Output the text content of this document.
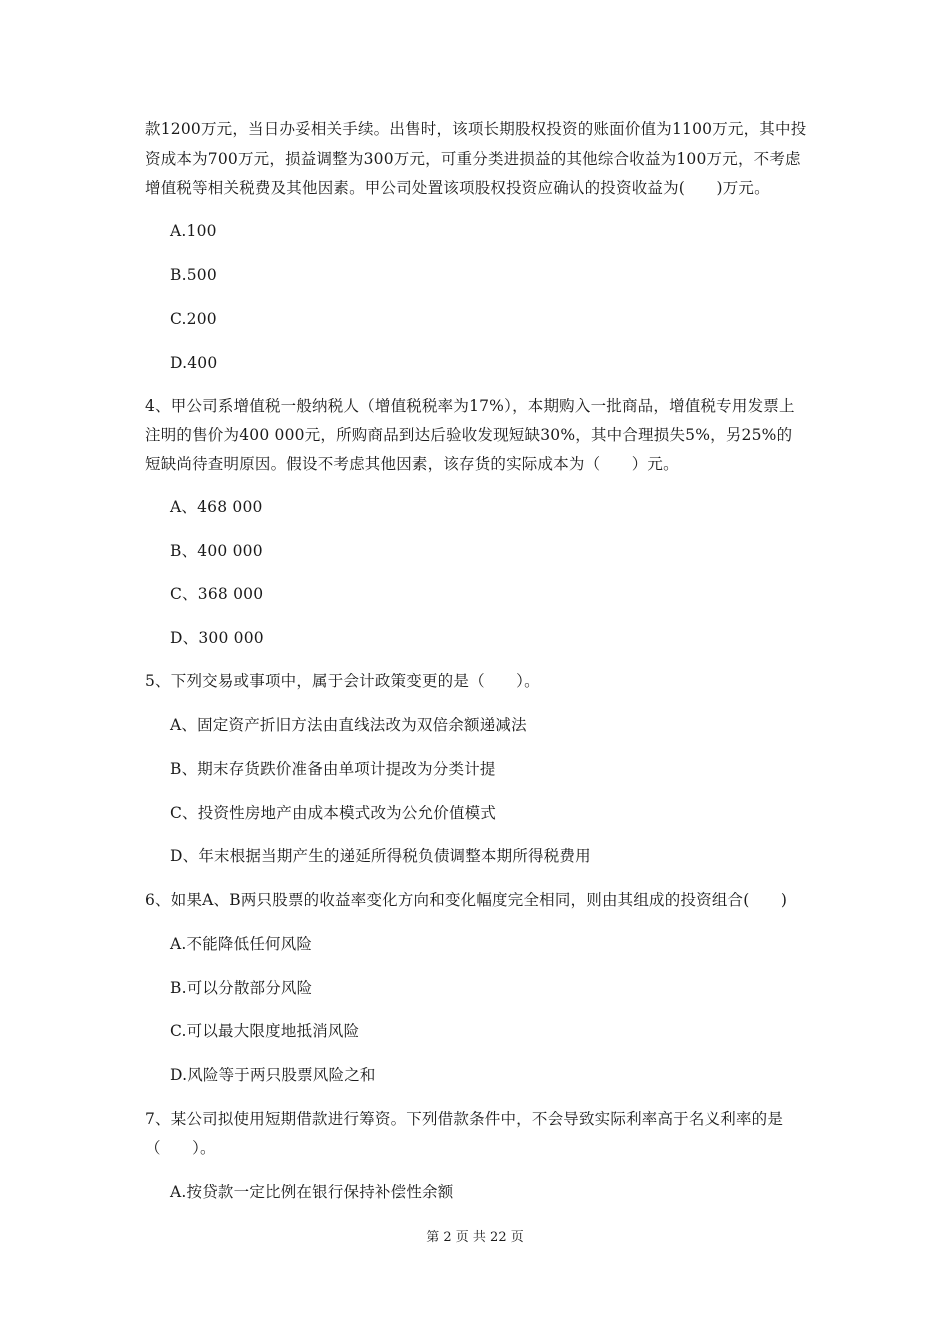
款1200万元，当日办妥相关手续。出售时，该项长期股权投资的账面价值为1100万元，其中投
资成本为700万元，损益调整为300万元，可重分类进损益的其他综合收益为100万元，不考虑
增值税等相关税费及其他因素。甲公司处置该项股权投资应确认的投资收益为(　　)万元。
A.100
B.500
C.200
D.400
4、甲公司系增值税一般纳税人（增值税税率为17%），本期购入一批商品，增值税专用发票上
注明的售价为400 000元，所购商品到达后验收发现短缺30%，其中合理损失5%，另25%的
短缺尚待查明原因。假设不考虑其他因素，该存货的实际成本为（　　）元。
A、468 000
B、400 000
C、368 000
D、300 000
5、下列交易或事项中，属于会计政策变更的是（　　）。
A、固定资产折旧方法由直线法改为双倍余额递减法
B、期末存货跌价准备由单项计提改为分类计提
C、投资性房地产由成本模式改为公允价值模式
D、年末根据当期产生的递延所得税负债调整本期所得税费用
6、如果A、B两只股票的收益率变化方向和变化幅度完全相同，则由其组成的投资组合(　　)
A.不能降低任何风险
B.可以分散部分风险
C.可以最大限度地抵消风险
D.风险等于两只股票风险之和
7、某公司拟使用短期借款进行筹资。下列借款条件中，不会导致实际利率高于名义利率的是
（　　）。
A.按贷款一定比例在银行保持补偿性余额
第 2 页 共 22 页
